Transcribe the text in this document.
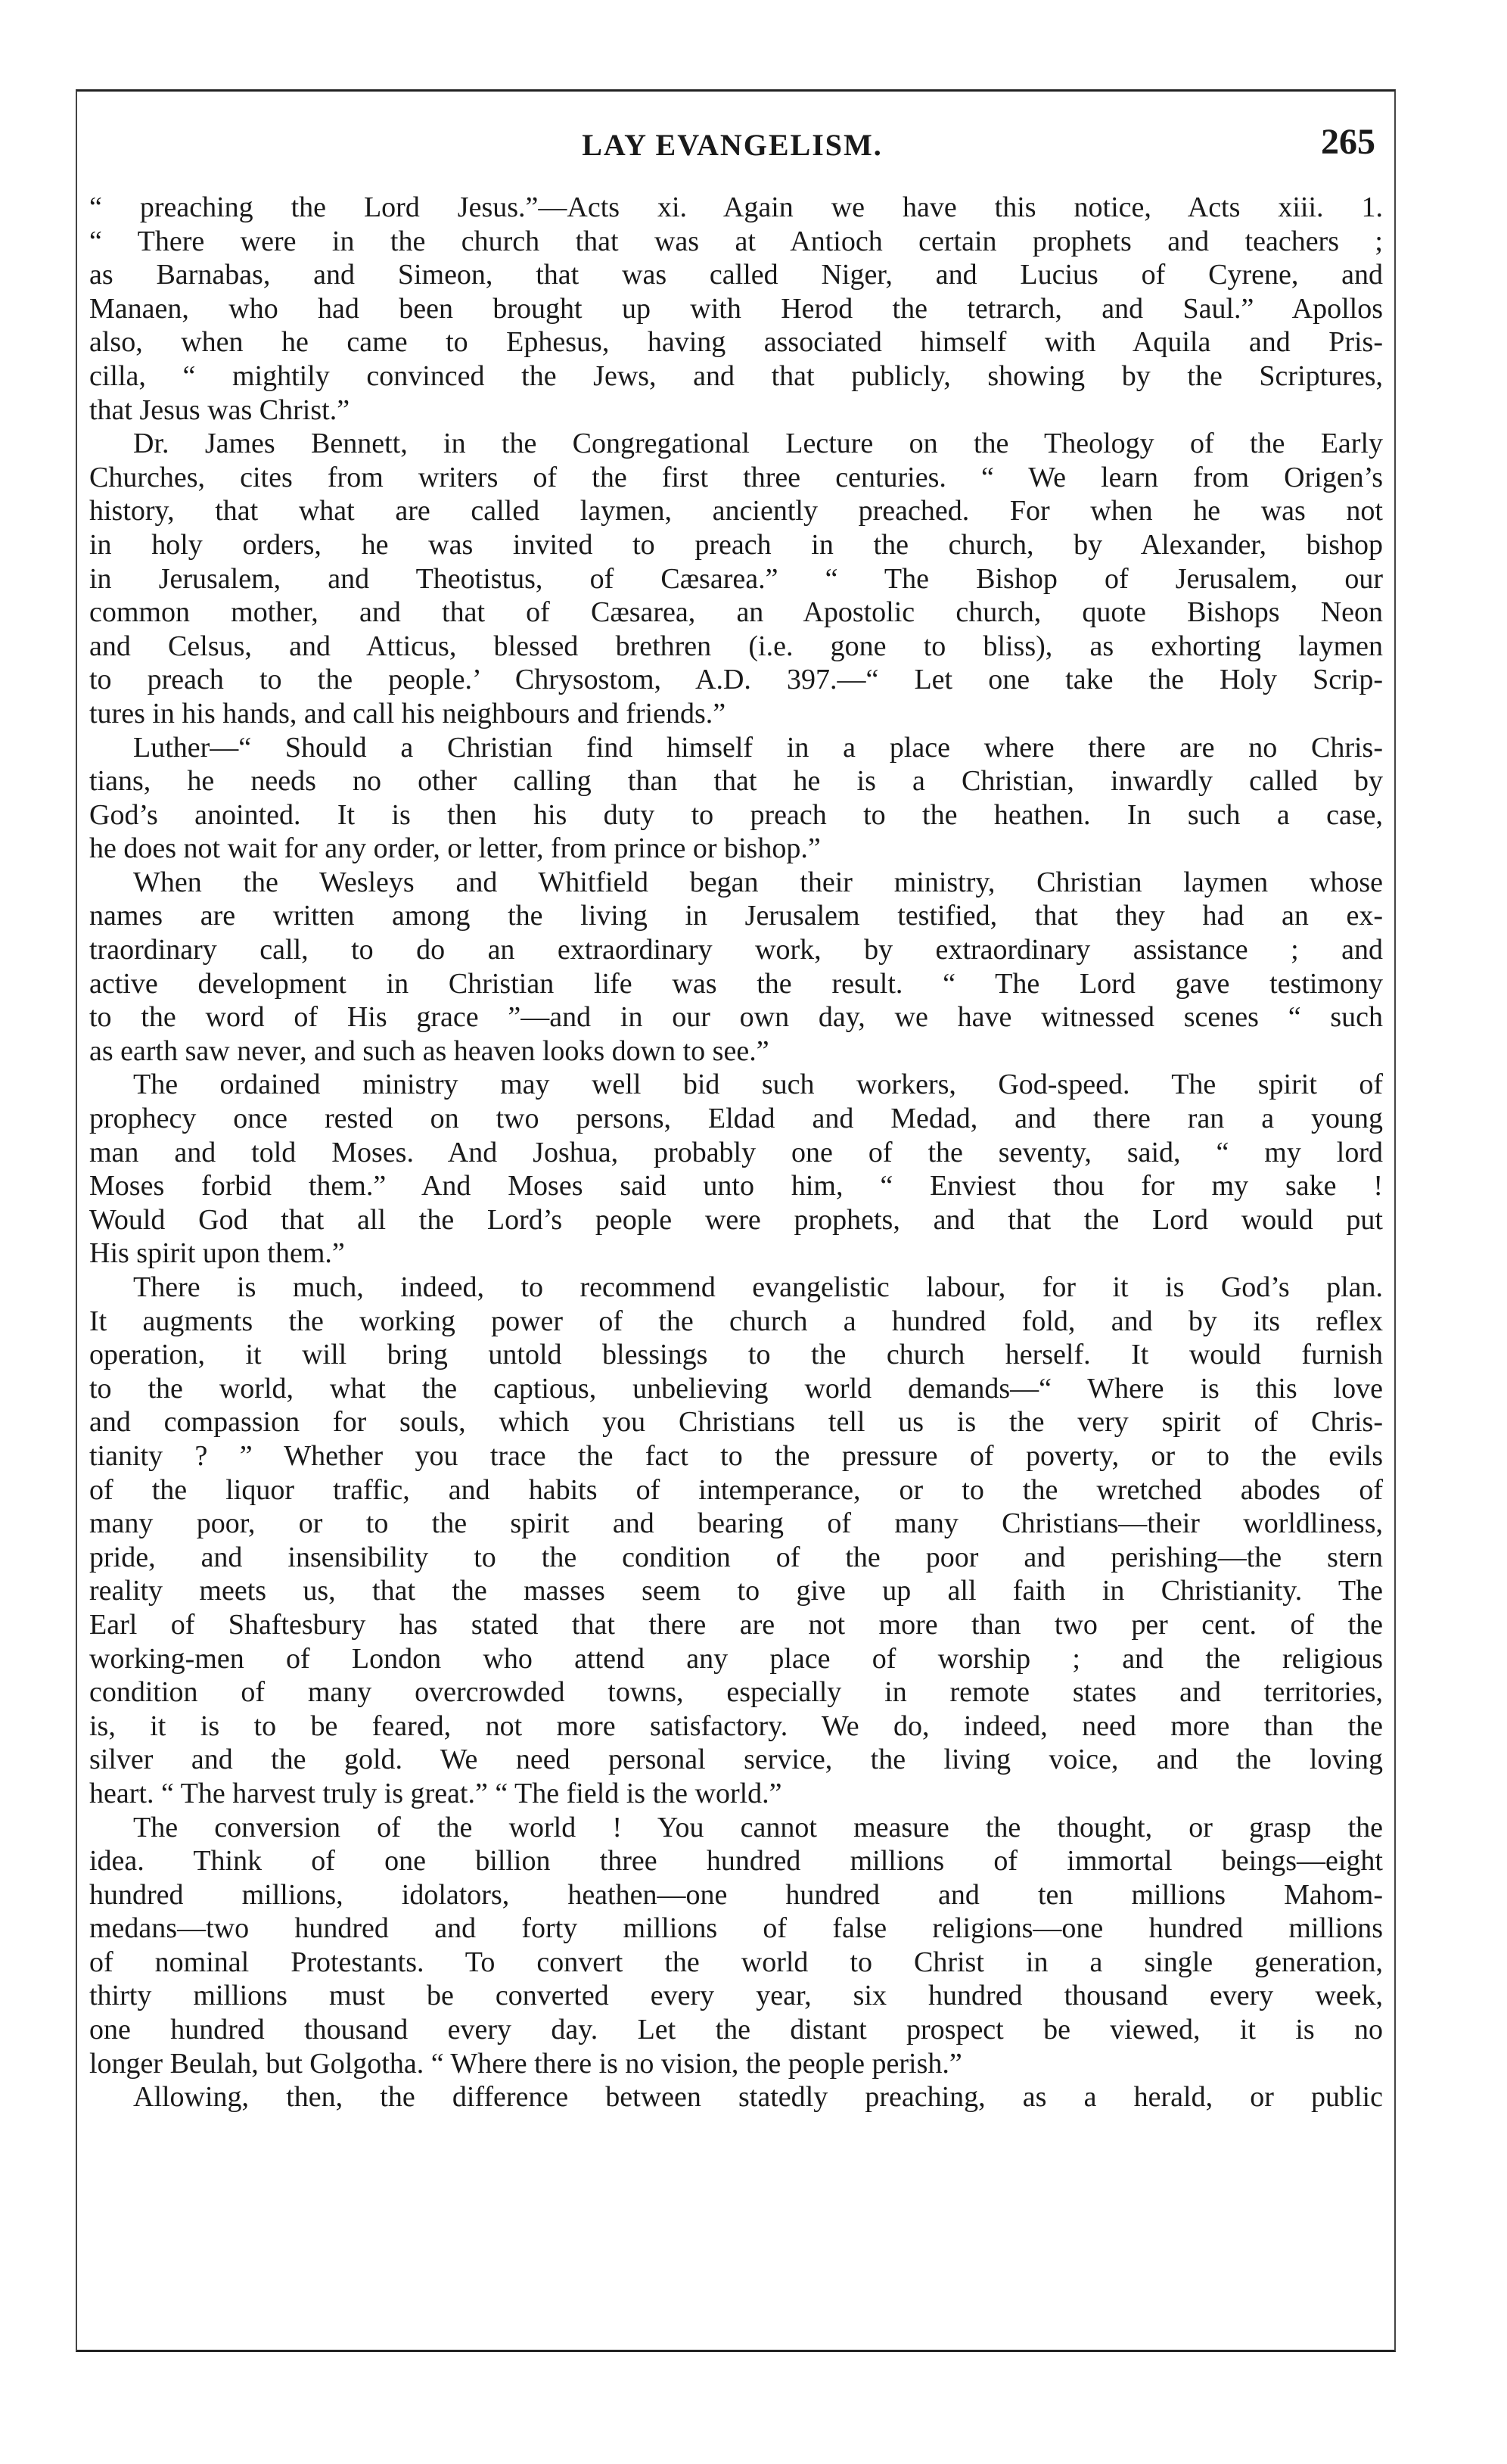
LAY EVANGELISM.	265
“ preaching the Lord Jesus.”—Acts xi. Again we have this notice, Acts xiii. 1.
“ There were in the church that was at Antioch certain prophets and teachers ;
as Barnabas, and Simeon, that was called Niger, and Lucius of Cyrene, and
Manaen, who had been brought up with Herod the tetrarch, and Saul.” Apollos
also, when he came to Ephesus, having associated himself with Aquila and Pris-
cilla, “ mightily convinced the Jews, and that publicly, showing by the Scriptures,
that Jesus was Christ.”
Dr. James Bennett, in the Congregational Lecture on the Theology of the Early
Churches, cites from writers of the first three centuries. “ We learn from Origen’s
history, that what are called laymen, anciently preached. For when he was not
in holy orders, he was invited to preach in the church, by Alexander, bishop
in Jerusalem, and Theotistus, of Cæsarea.” “ The Bishop of Jerusalem, our
common mother, and that of Cæsarea, an Apostolic church, quote Bishops Neon
and Celsus, and Atticus, blessed brethren (i.e. gone to bliss), as exhorting laymen
to preach to the people.’ Chrysostom, A.D. 397.—“ Let one take the Holy Scrip-
tures in his hands, and call his neighbours and friends.”
Luther—“ Should a Christian find himself in a place where there are no Chris-
tians, he needs no other calling than that he is a Christian, inwardly called by
God’s anointed. It is then his duty to preach to the heathen. In such a case,
he does not wait for any order, or letter, from prince or bishop.”
When the Wesleys and Whitfield began their ministry, Christian laymen whose
names are written among the living in Jerusalem testified, that they had an ex-
traordinary call, to do an extraordinary work, by extraordinary assistance ; and
active development in Christian life was the result. “ The Lord gave testimony
to the word of His grace ”—and in our own day, we have witnessed scenes “ such
as earth saw never, and such as heaven looks down to see.”
The ordained ministry may well bid such workers, God-speed. The spirit of
prophecy once rested on two persons, Eldad and Medad, and there ran a young
man and told Moses. And Joshua, probably one of the seventy, said, “ my lord
Moses forbid them.” And Moses said unto him, “ Enviest thou for my sake !
Would God that all the Lord’s people were prophets, and that the Lord would put
His spirit upon them.”
There is much, indeed, to recommend evangelistic labour, for it is God’s plan.
It augments the working power of the church a hundred fold, and by its reflex
operation, it will bring untold blessings to the church herself. It would furnish
to the world, what the captious, unbelieving world demands—“ Where is this love
and compassion for souls, which you Christians tell us is the very spirit of Chris-
tianity ? ” Whether you trace the fact to the pressure of poverty, or to the evils
of the liquor traffic, and habits of intemperance, or to the wretched abodes of
many poor, or to the spirit and bearing of many Christians—their worldliness,
pride, and insensibility to the condition of the poor and perishing—the stern
reality meets us, that the masses seem to give up all faith in Christianity. The
Earl of Shaftesbury has stated that there are not more than two per cent. of the
working-men of London who attend any place of worship ; and the religious
condition of many overcrowded towns, especially in remote states and territories,
is, it is to be feared, not more satisfactory. We do, indeed, need more than the
silver and the gold. We need personal service, the living voice, and the loving
heart. “ The harvest truly is great.” “ The field is the world.”
The conversion of the world ! You cannot measure the thought, or grasp the
idea. Think of one billion three hundred millions of immortal beings—eight
hundred millions, idolators, heathen—one hundred and ten millions Mahom-
medans—two hundred and forty millions of false religions—one hundred millions
of nominal Protestants. To convert the world to Christ in a single generation,
thirty millions must be converted every year, six hundred thousand every week,
one hundred thousand every day. Let the distant prospect be viewed, it is no
longer Beulah, but Golgotha. “ Where there is no vision, the people perish.”
Allowing, then, the difference between statedly preaching, as a herald, or public
